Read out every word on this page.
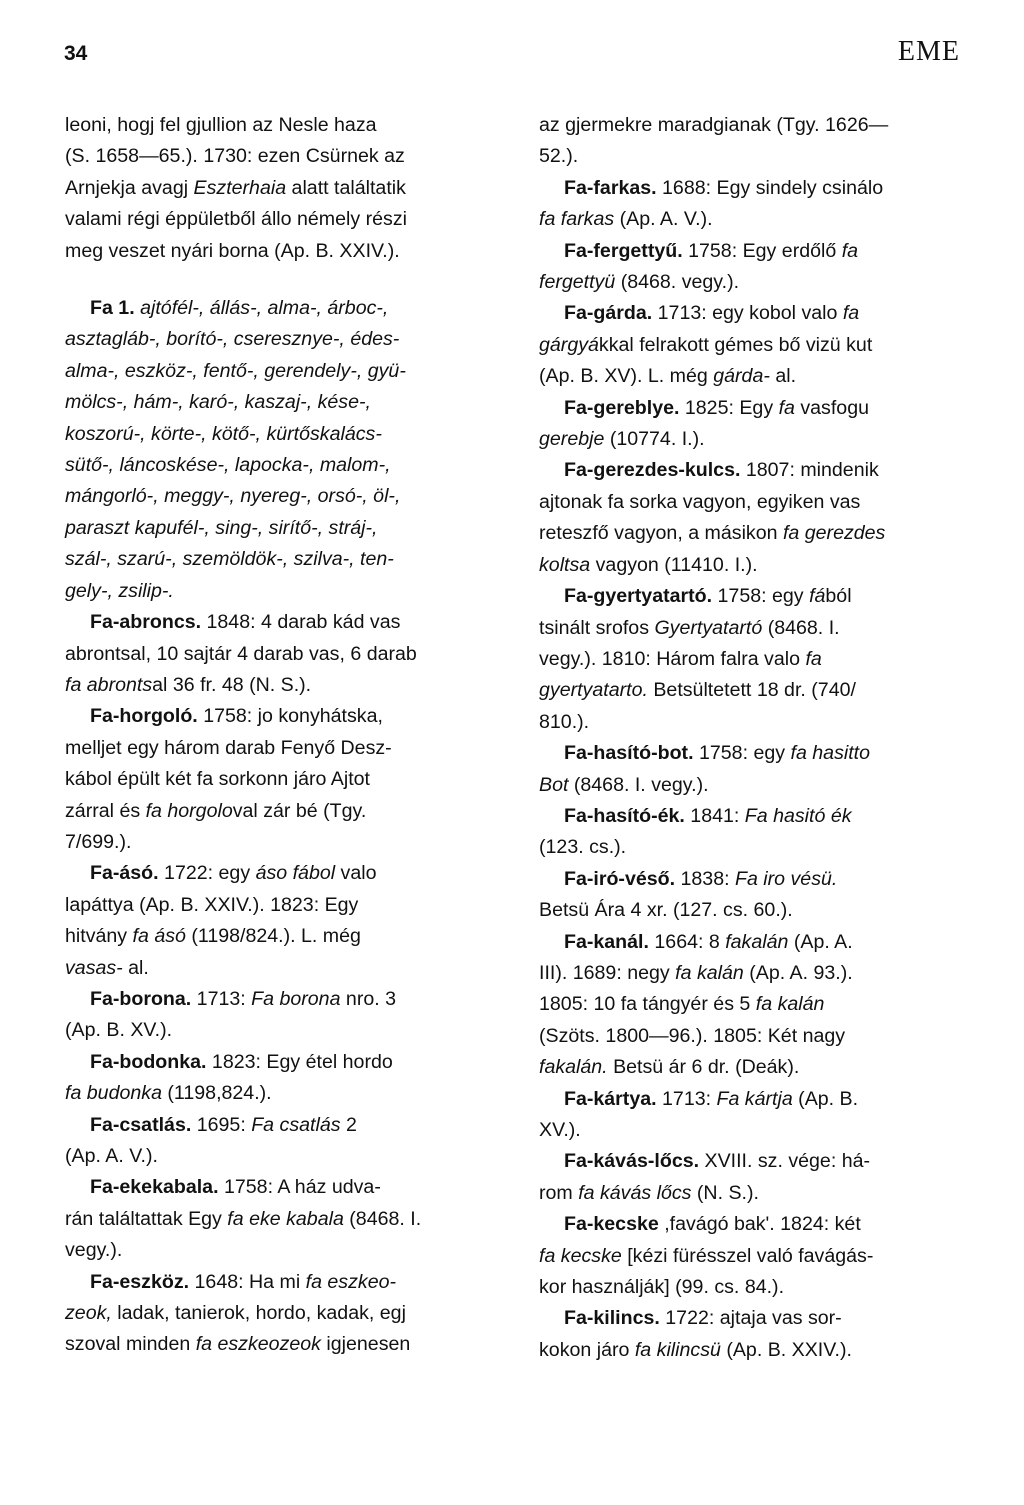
34	EME
leoni, hogj fel gjullion az Nesle haza
(S. 1658—65.). 1730: ezen Csürnek az
Arnjekja avagj Eszterhaia alatt találtatik
valami régi éppületből állo némely részi
meg veszet nyári borna (Ap. B. XXIV.).
Fa 1. ajtófél-, állás-, alma-, árboc-,
asztagláb-, borító-, cseresznye-, édes-
alma-, eszköz-, fentő-, gerendely-, gyü-
mölcs-, hám-, karó-, kaszaj-, kése-,
koszorú-, körte-, kötő-, kürtőskalács-
sütő-, láncoskése-, lapocka-, malom-,
mángorló-, meggy-, nyereg-, orsó-, öl-,
paraszt kapufél-, sing-, sirítő-, stráj-,
szál-, szarú-, szemöldök-, szilva-, ten-
gely-, zsilip-.
Fa-abroncs. 1848: 4 darab kád vas
abrontsal, 10 sajtár 4 darab vas, 6 darab
fa abrontsal 36 fr. 48 (N. S.).
Fa-horgoló. 1758: jo konyhátska,
melljet egy három darab Fenyő Desz-
kábol épült két fa sorkonn járo Ajtot
zárral és fa horgoloval zár bé (Tgy.
7/699.).
Fa-ásó. 1722: egy áso fábol valo
lapáttya (Ap. B. XXIV.). 1823: Egy
hitvány fa ásó (1198/824.). L. még
vasas- al.
Fa-borona. 1713: Fa borona nro. 3
(Ap. B. XV.).
Fa-bodonka. 1823: Egy étel hordo
fa budonka (1198,824.).
Fa-csatlás. 1695: Fa csatlás 2
(Ap. A. V.).
Fa-ekekabala. 1758: A ház udva-
rán találtattak Egy fa eke kabala (8468. I.
vegy.).
Fa-eszköz. 1648: Ha mi fa eszkeo-
zeok, ladak, tanierok, hordo, kadak, egj
szoval minden fa eszkeozeok igjenesen
az gjermekre maradgianak (Tgy. 1626—
52.).
Fa-farkas. 1688: Egy sindely csinálo
fa farkas (Ap. A. V.).
Fa-fergettyű. 1758: Egy erdőlő fa
fergettyü (8468. vegy.).
Fa-gárda. 1713: egy kobol valo fa
gárgyákkal felrakott gémes bő vizü kut
(Ap. B. XV). L. még gárda- al.
Fa-gereblye. 1825: Egy fa vasfogu
gerebje (10774. I.).
Fa-gerezdes-kulcs. 1807: mindenik
ajtonak fa sorka vagyon, egyiken vas
reteszfő vagyon, a másikon fa gerezdes
koltsa vagyon (11410. I.).
Fa-gyertyatartó. 1758: egy fából
tsinált srofos Gyertyatartó (8468. I.
vegy.). 1810: Három falra valo fa
gyertyatarto. Betsültetett 18 dr. (740/
810.).
Fa-hasító-bot. 1758: egy fa hasitto
Bot (8468. I. vegy.).
Fa-hasító-ék. 1841: Fa hasitó ék
(123. cs.).
Fa-iró-véső. 1838: Fa iro vésü.
Betsü Ára 4 xr. (127. cs. 60.).
Fa-kanál. 1664: 8 fakalán (Ap. A.
III). 1689: negy fa kalán (Ap. A. 93.).
1805: 10 fa tángyér és 5 fa kalán
(Szöts. 1800—96.). 1805: Két nagy
fakalán. Betsü ár 6 dr. (Deák).
Fa-kártya. 1713: Fa kártja (Ap. B.
XV.).
Fa-kávás-lőcs. XVIII. sz. vége: há-
rom fa kávás lőcs (N. S.).
Fa-kecske ,favágó bak'. 1824: két
fa kecske [kézi fürésszel való favágás-
kor használják] (99. cs. 84.).
Fa-kilincs. 1722: ajtaja vas sor-
kokon járo fa kilincsü (Ap. B. XXIV.).
